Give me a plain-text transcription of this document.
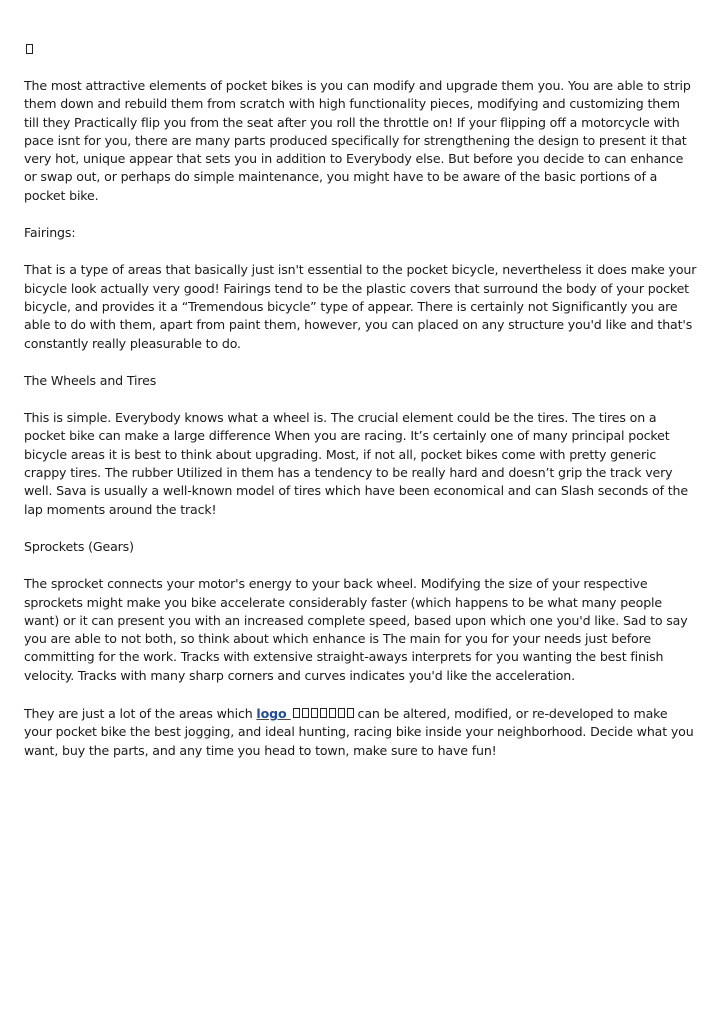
The most attractive elements of pocket bikes is you can modify and upgrade them you. You are able to strip them down and rebuild them from scratch with high functionality pieces, modifying and customizing them till they Practically flip you from the seat after you roll the throttle on! If your flipping off a motorcycle with pace isnt for you, there are many parts produced specifically for strengthening the design to present it that very hot, unique appear that sets you in addition to Everybody else. But before you decide to can enhance or swap out, or perhaps do simple maintenance, you might have to be aware of the basic portions of a pocket bike.

Fairings:

That is a type of areas that basically just isn't essential to the pocket bicycle, nevertheless it does make your bicycle look actually very good! Fairings tend to be the plastic covers that surround the body of your pocket bicycle, and provides it a “Tremendous bicycle” type of appear. There is certainly not Significantly you are able to do with them, apart from paint them, however, you can placed on any structure you'd like and that's constantly really pleasurable to do.

The Wheels and Tires

This is simple. Everybody knows what a wheel is. The crucial element could be the tires. The tires on a pocket bike can make a large difference When you are racing. It’s certainly one of many principal pocket bicycle areas it is best to think about upgrading. Most, if not all, pocket bikes come with pretty generic crappy tires. The rubber Utilized in them has a tendency to be really hard and doesn’t grip the track very well. Sava is usually a well-known model of tires which have been economical and can Slash seconds of the lap moments around the track!

Sprockets (Gears)

The sprocket connects your motor's energy to your back wheel. Modifying the size of your respective sprockets might make you bike accelerate considerably faster (which happens to be what many people want) or it can present you with an increased complete speed, based upon which one you'd like. Sad to say you are able to not both, so think about which enhance is The main for you for your needs just before committing for the work. Tracks with extensive straight-aways interprets for you wanting the best finish velocity. Tracks with many sharp corners and curves indicates you'd like the acceleration.

They are just a lot of the areas which logo	can be altered, modified, or re-developed to make your pocket bike the best jogging, and ideal hunting, racing bike inside your neighborhood. Decide what you want, buy the parts, and any time you head to town, make sure to have fun!
